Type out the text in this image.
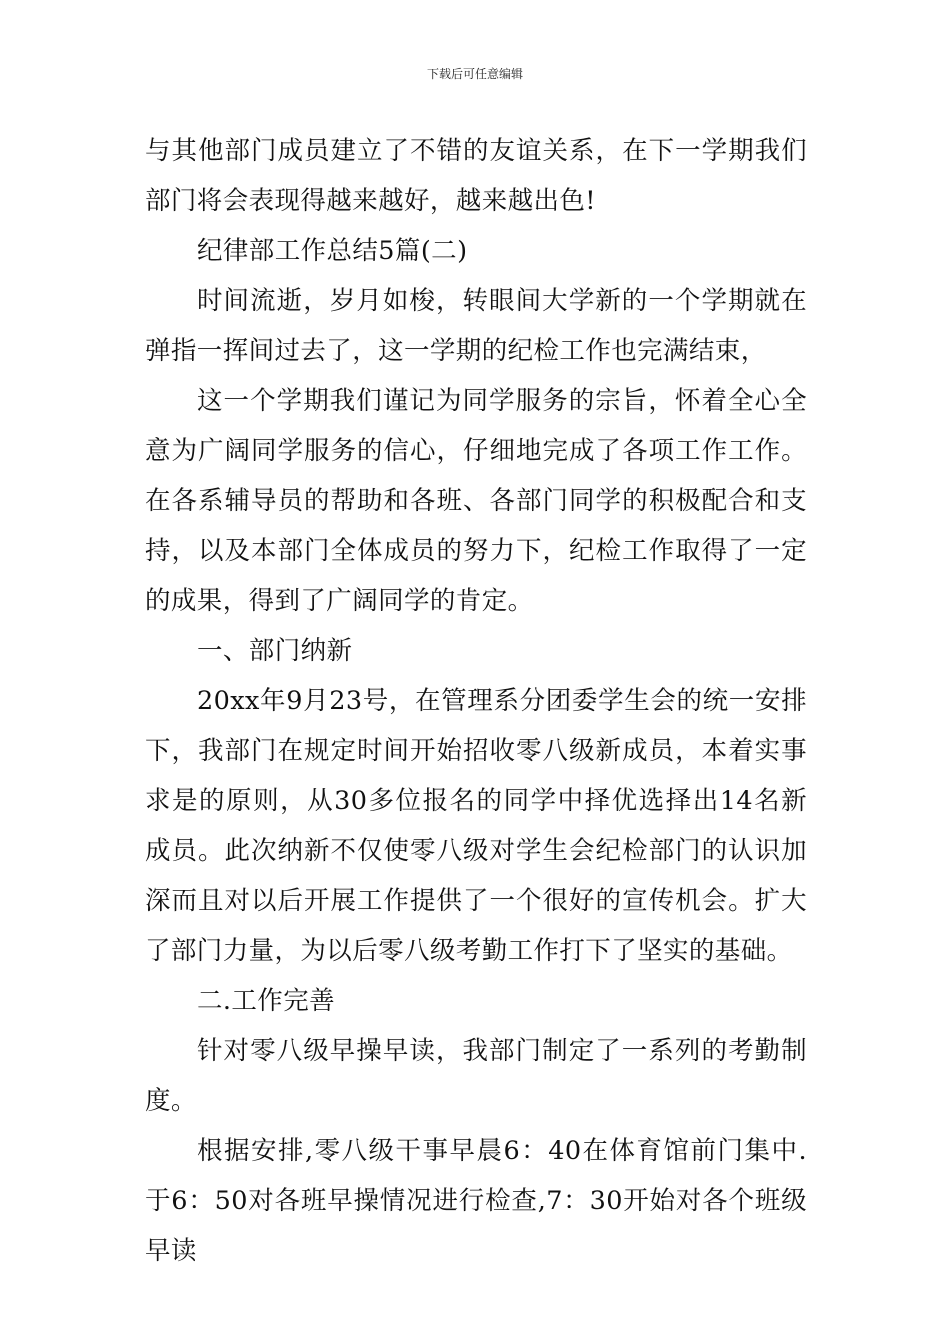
下载后可任意编辑

与其他部门成员建立了不错的友谊关系，在下一学期我们部门将会表现得越来越好，越来越出色!

纪律部工作总结5篇(二)

时间流逝，岁月如梭，转眼间大学新的一个学期就在弹指一挥间过去了，这一学期的纪检工作也完满结束，

这一个学期我们谨记为同学服务的宗旨，怀着全心全意为广阔同学服务的信心，仔细地完成了各项工作工作。在各系辅导员的帮助和各班、各部门同学的积极配合和支持，以及本部门全体成员的努力下，纪检工作取得了一定的成果，得到了广阔同学的肯定。

一、部门纳新

20xx年9月23号，在管理系分团委学生会的统一安排下，我部门在规定时间开始招收零八级新成员，本着实事求是的原则，从30多位报名的同学中择优选择出14名新成员。此次纳新不仅使零八级对学生会纪检部门的认识加深而且对以后开展工作提供了一个很好的宣传机会。扩大了部门力量，为以后零八级考勤工作打下了坚实的基础。

二.工作完善

针对零八级早操早读，我部门制定了一系列的考勤制度。

根据安排,零八级干事早晨6：40在体育馆前门集中.于6：50对各班早操情况进行检查,7：30开始对各个班级早读
